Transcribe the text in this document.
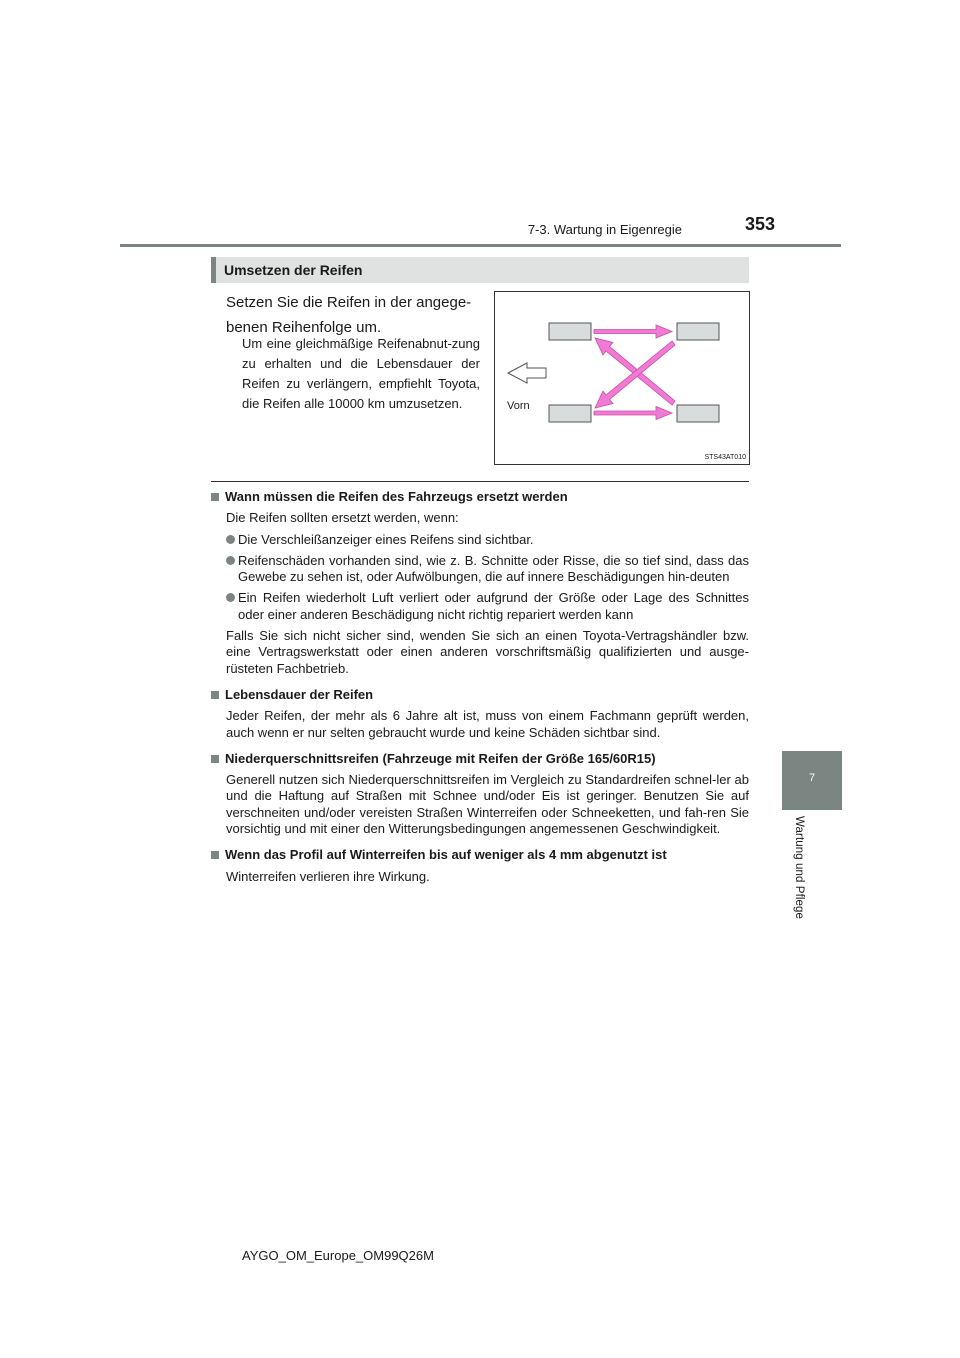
7-3. Wartung in Eigenregie	353
7
Wartung und Pflege
Umsetzen der Reifen
Setzen Sie die Reifen in der angege-benen Reihenfolge um.
Um eine gleichmäßige Reifenabnut-zung zu erhalten und die Lebensdauer der Reifen zu verlängern, empfiehlt Toyota, die Reifen alle 10000 km umzusetzen.	Vorn
STS43AT010

Wann müssen die Reifen des Fahrzeugs ersetzt werden

Die Reifen sollten ersetzt werden, wenn:

Die Verschleißanzeiger eines Reifens sind sichtbar.

Reifenschäden vorhanden sind, wie z. B. Schnitte oder Risse, die so tief sind, dass das Gewebe zu sehen ist, oder Aufwölbungen, die auf innere Beschädigungen hin-deuten

Ein Reifen wiederholt Luft verliert oder aufgrund der Größe oder Lage des Schnittes oder einer anderen Beschädigung nicht richtig repariert werden kann

Falls Sie sich nicht sicher sind, wenden Sie sich an einen Toyota-Vertragshändler bzw. eine Vertragswerkstatt oder einen anderen vorschriftsmäßig qualifizierten und ausge-rüsteten Fachbetrieb.

Lebensdauer der Reifen

Jeder Reifen, der mehr als 6 Jahre alt ist, muss von einem Fachmann geprüft werden, auch wenn er nur selten gebraucht wurde und keine Schäden sichtbar sind.

Niederquerschnittsreifen (Fahrzeuge mit Reifen der Größe 165/60R15)

Generell nutzen sich Niederquerschnittsreifen im Vergleich zu Standardreifen schnel-ler ab und die Haftung auf Straßen mit Schnee und/oder Eis ist geringer. Benutzen Sie auf verschneiten und/oder vereisten Straßen Winterreifen oder Schneeketten, und fah-ren Sie vorsichtig und mit einer den Witterungsbedingungen angemessenen Geschwindigkeit.

Wenn das Profil auf Winterreifen bis auf weniger als 4 mm abgenutzt ist

Winterreifen verlieren ihre Wirkung.

AYGO_OM_Europe_OM99Q26M
